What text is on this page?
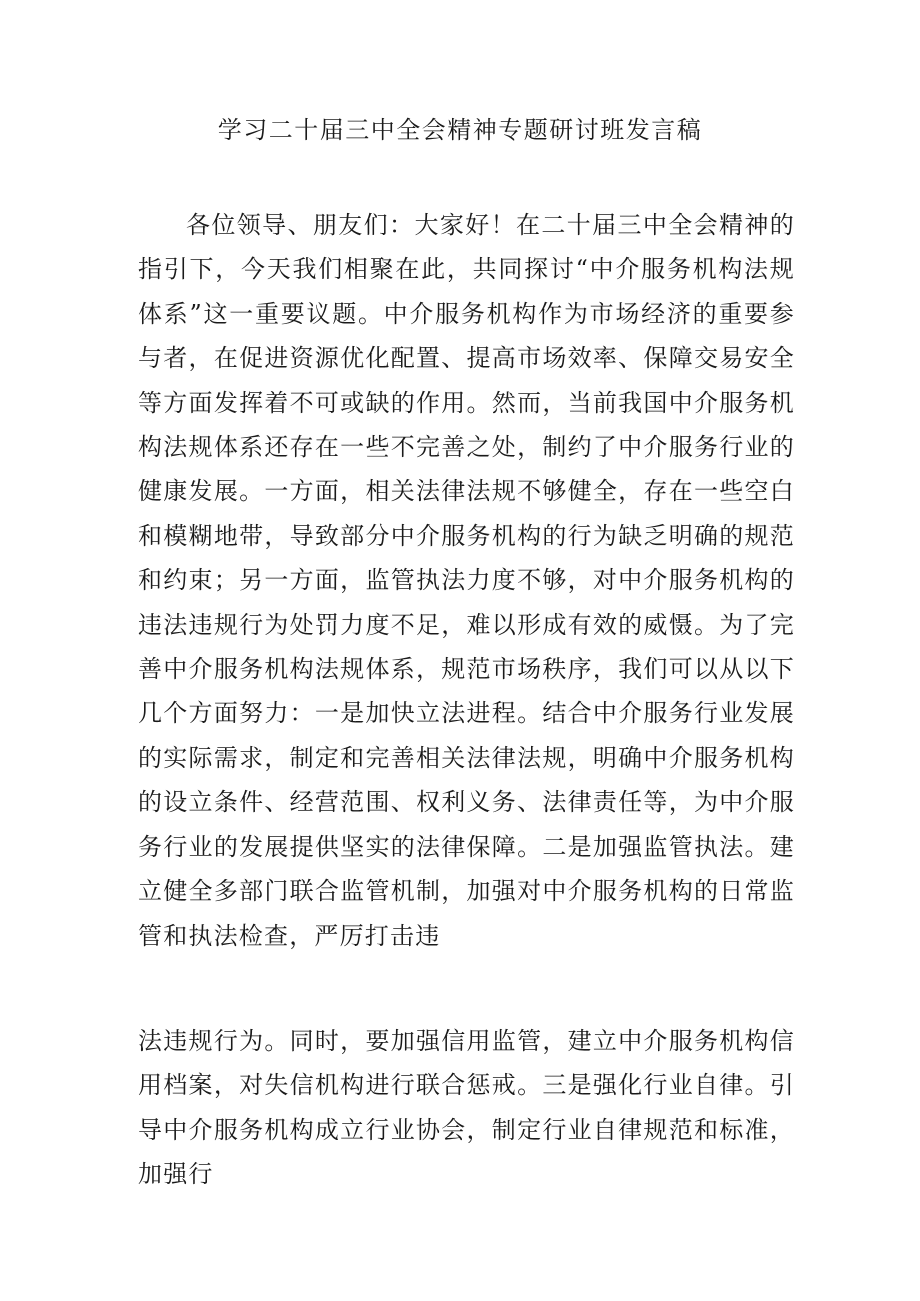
学习二十届三中全会精神专题研讨班发言稿

各位领导、朋友们：大家好！在二十届三中全会精神的指引下，今天我们相聚在此，共同探讨“中介服务机构法规体系”这一重要议题。中介服务机构作为市场经济的重要参与者，在促进资源优化配置、提高市场效率、保障交易安全等方面发挥着不可或缺的作用。然而，当前我国中介服务机构法规体系还存在一些不完善之处，制约了中介服务行业的健康发展。一方面，相关法律法规不够健全，存在一些空白和模糊地带，导致部分中介服务机构的行为缺乏明确的规范和约束；另一方面，监管执法力度不够，对中介服务机构的违法违规行为处罚力度不足，难以形成有效的威慑。为了完善中介服务机构法规体系，规范市场秩序，我们可以从以下几个方面努力：一是加快立法进程。结合中介服务行业发展的实际需求，制定和完善相关法律法规，明确中介服务机构的设立条件、经营范围、权利义务、法律责任等，为中介服务行业的发展提供坚实的法律保障。二是加强监管执法。建立健全多部门联合监管机制，加强对中介服务机构的日常监管和执法检查，严厉打击违

法违规行为。同时，要加强信用监管，建立中介服务机构信用档案，对失信机构进行联合惩戒。三是强化行业自律。引导中介服务机构成立行业协会，制定行业自律规范和标准，加强行
